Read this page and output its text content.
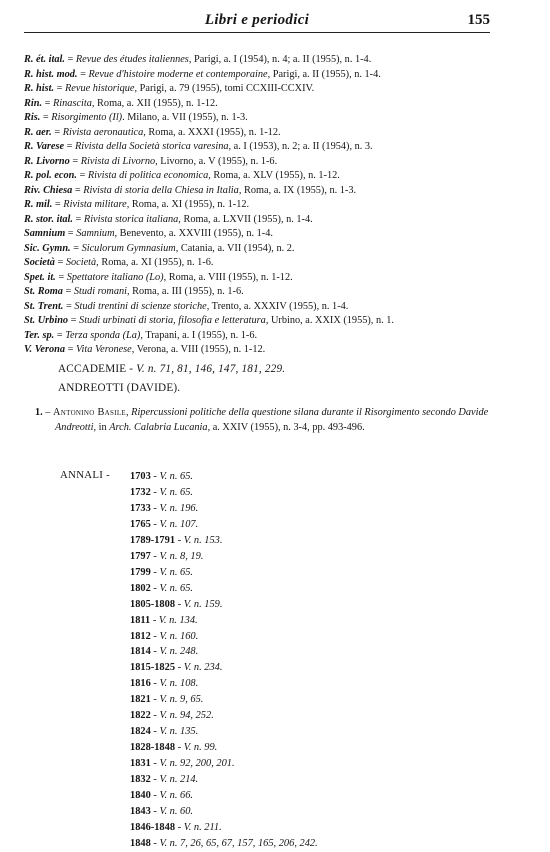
Libri e periodici	155
R. ét. ital. = Revue des études italiennes, Parigi, a. I (1954), n. 4; a. II (1955), n. 1-4.
R. hist. mod. = Revue d'histoire moderne et contemporaine, Parigi, a. II (1955), n. 1-4.
R. hist. = Revue historique, Parigi, a. 79 (1955), tomi CCXIII-CCXIV.
Rin. = Rinascita, Roma, a. XII (1955), n. 1-12.
Ris. = Risorgimento (Il). Milano, a. VII (1955), n. 1-3.
R. aer. = Rivista aeronautica, Roma, a. XXXI (1955), n. 1-12.
R. Varese = Rivista della Società storica varesina, a. I (1953), n. 2; a. II (1954), n. 3.
R. Livorno = Rivista di Livorno, Livorno, a. V (1955), n. 1-6.
R. pol. econ. = Rivista di politica economica, Roma, a. XLV (1955), n. 1-12.
Riv. Chiesa = Rivista di storia della Chiesa in Italia, Roma, a. IX (1955), n. 1-3.
R. mil. = Rivista militare, Roma, a. XI (1955), n. 1-12.
R. stor. ital. = Rivista storica italiana, Roma, a. LXVII (1955), n. 1-4.
Samnium = Samnium, Benevento, a. XXVIII (1955), n. 1-4.
Sic. Gymn. = Siculorum Gymnasium, Catania, a. VII (1954), n. 2.
Società = Società, Roma, a. XI (1955), n. 1-6.
Spet. it. = Spettatore italiano (Lo), Roma, a. VIII (1955), n. 1-12.
St. Roma = Studi romani, Roma, a. III (1955), n. 1-6.
St. Trent. = Studi trentini di scienze storiche, Trento, a. XXXIV (1955), n. 1-4.
St. Urbino = Studi urbinati di storia, filosofia e letteratura, Urbino, a. XXIX (1955), n. 1.
Ter. sp. = Terza sponda (La), Trapani, a. I (1955), n. 1-6.
V. Verona = Vita Veronese, Verona, a. VIII (1955), n. 1-12.
ACCADEMIE - V. n. 71, 81, 146, 147, 181, 229.
ANDREOTTI (DAVIDE).
1. – Antonino Basile, Ripercussioni politiche della questione silana durante il Risorgimento secondo Davide Andreotti, in Arch. Calabria Lucania, a. XXIV (1955), n. 3-4, pp. 493-496.
ANNALI - 1703 - V. n. 65.
1732 - V. n. 65.
1733 - V. n. 196.
1765 - V. n. 107.
1789-1791 - V. n. 153.
1797 - V. n. 8, 19.
1799 - V. n. 65.
1802 - V. n. 65.
1805-1808 - V. n. 159.
1811 - V. n. 134.
1812 - V. n. 160.
1814 - V. n. 248.
1815-1825 - V. n. 234.
1816 - V. n. 108.
1821 - V. n. 9, 65.
1822 - V. n. 94, 252.
1824 - V. n. 135.
1828-1848 - V. n. 99.
1831 - V. n. 92, 200, 201.
1832 - V. n. 214.
1840 - V. n. 66.
1843 - V. n. 60.
1846-1848 - V. n. 211.
1848 - V. n. 7, 26, 65, 67, 157, 165, 206, 242.
